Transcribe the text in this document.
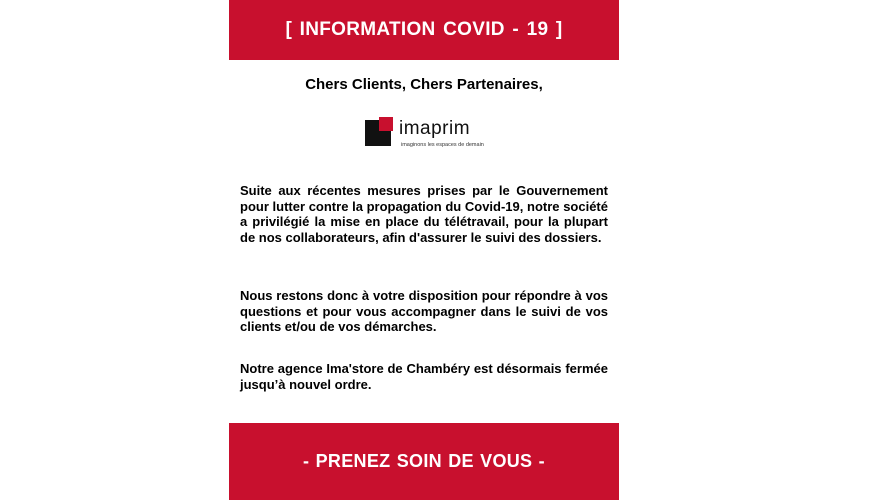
[ INFORMATION COVID - 19 ]
Chers Clients, Chers Partenaires,
imaprim
imaginons les espaces de demain
Suite aux récentes mesures prises par le Gouvernement pour lutter contre la propagation du Covid-19, notre société a privilégié la mise en place du télétravail, pour la plupart de nos collaborateurs, afin d'assurer le suivi des dossiers.
Nous restons donc à votre disposition pour répondre à vos questions et pour vous accompagner dans le suivi de vos clients et/ou de vos démarches.
Notre agence Ima'store de Chambéry est désormais fermée jusqu’à nouvel ordre.
- PRENEZ SOIN DE VOUS -
